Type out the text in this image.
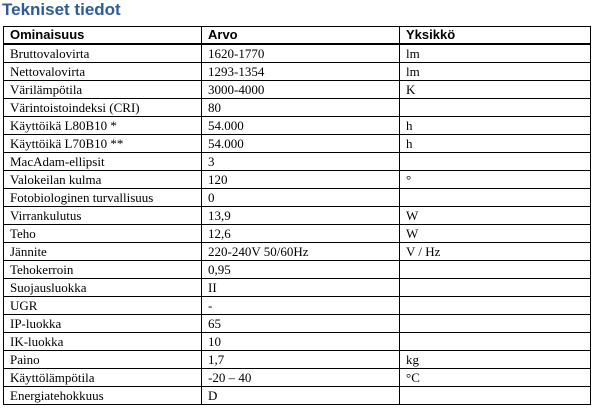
Tekniset tiedot
Ominaisuus	Arvo	Yksikkö
Bruttovalovirta	1620-1770	lm
Nettovalovirta	1293-1354	lm
Värilämpötila	3000-4000	K
Värintoistoindeksi (CRI)	80	
Käyttöikä L80B10 *	54.000	h
Käyttöikä L70B10 **	54.000	h
MacAdam-ellipsit	3	
Valokeilan kulma	120	°
Fotobiologinen turvallisuus	0	
Virrankulutus	13,9	W
Teho	12,6	W
Jännite	220-240V 50/60Hz	V / Hz
Tehokerroin	0,95	
Suojausluokka	II	
UGR	-	
IP-luokka	65	
IK-luokka	10	
Paino	1,7	kg
Käyttölämpötila	-20 – 40	°C
Energiatehokkuus	D	
